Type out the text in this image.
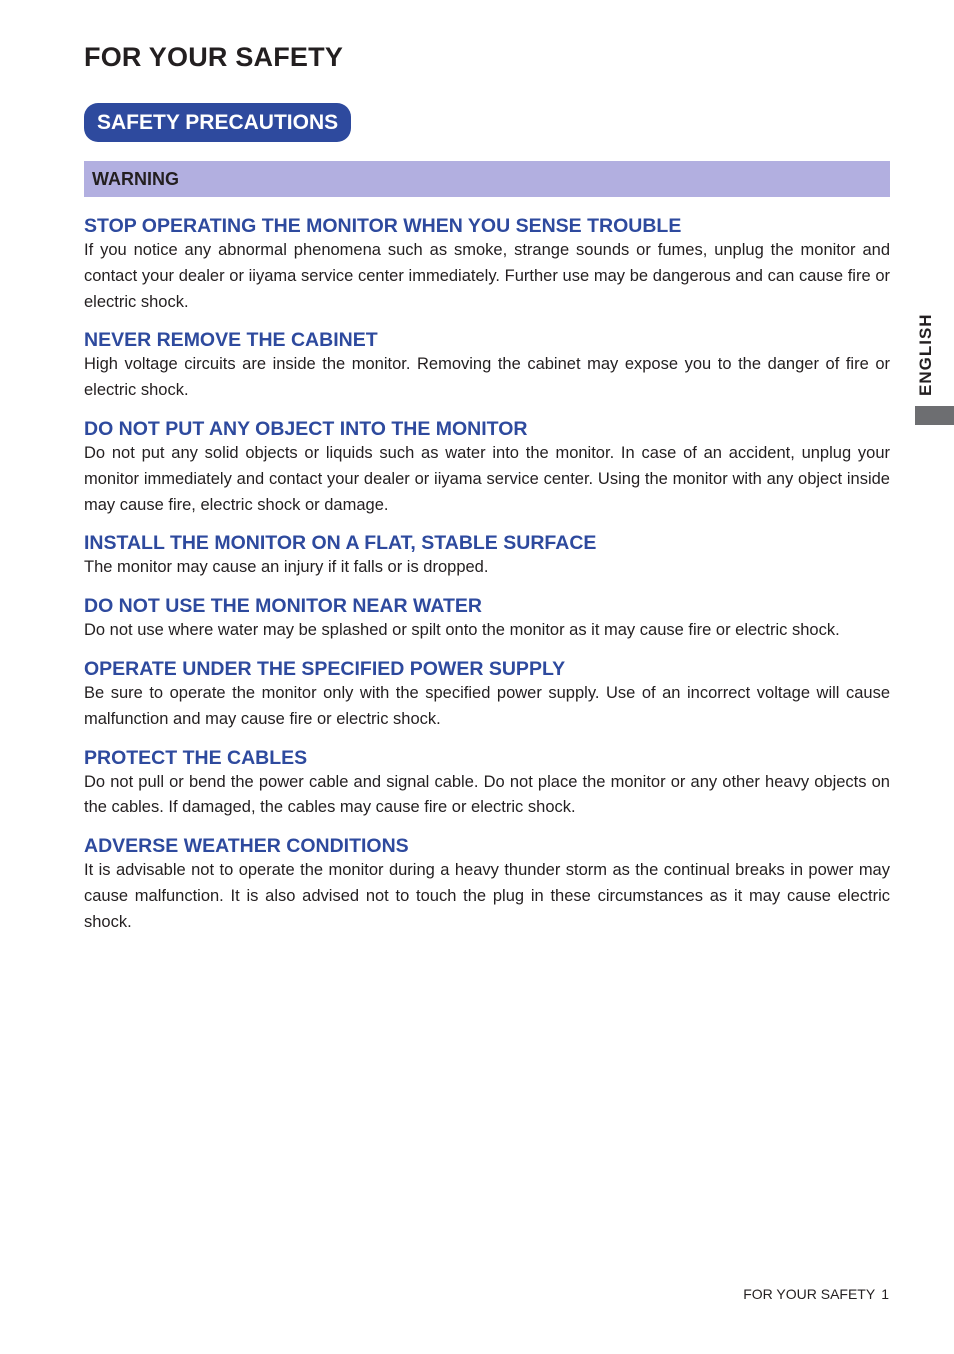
FOR YOUR SAFETY
SAFETY PRECAUTIONS
WARNING
STOP OPERATING THE MONITOR WHEN YOU SENSE TROUBLE

If you notice any abnormal phenomena such as smoke, strange sounds or fumes, unplug the monitor and contact your dealer or iiyama service center immediately. Further use may be dangerous and can cause fire or electric shock.

NEVER REMOVE THE CABINET

High voltage circuits are inside the monitor. Removing the cabinet may expose you to the danger of fire or electric shock.

DO NOT PUT ANY OBJECT INTO THE MONITOR

Do not put any solid objects or liquids such as water into the monitor. In case of an accident, unplug your monitor immediately and contact your dealer or iiyama service center. Using the monitor with any object inside may cause fire, electric shock or damage.

INSTALL THE MONITOR ON A FLAT, STABLE SURFACE

The monitor may cause an injury if it falls or is dropped.

DO NOT USE THE MONITOR NEAR WATER

Do not use where water may be splashed or spilt onto the monitor as it may cause fire or electric shock.

OPERATE UNDER THE SPECIFIED POWER SUPPLY

Be sure to operate the monitor only with the specified power supply. Use of an incorrect voltage will cause malfunction and may cause fire or electric shock.

PROTECT THE CABLES

Do not pull or bend the power cable and signal cable. Do not place the monitor or any other heavy objects on the cables. If damaged, the cables may cause fire or electric shock.

ADVERSE WEATHER CONDITIONS

It is advisable not to operate the monitor during a heavy thunder storm as the continual breaks in power may cause malfunction. It is also advised not to touch the plug in these circumstances as it may cause electric shock.

ENGLISH
FOR YOUR SAFETY 1
